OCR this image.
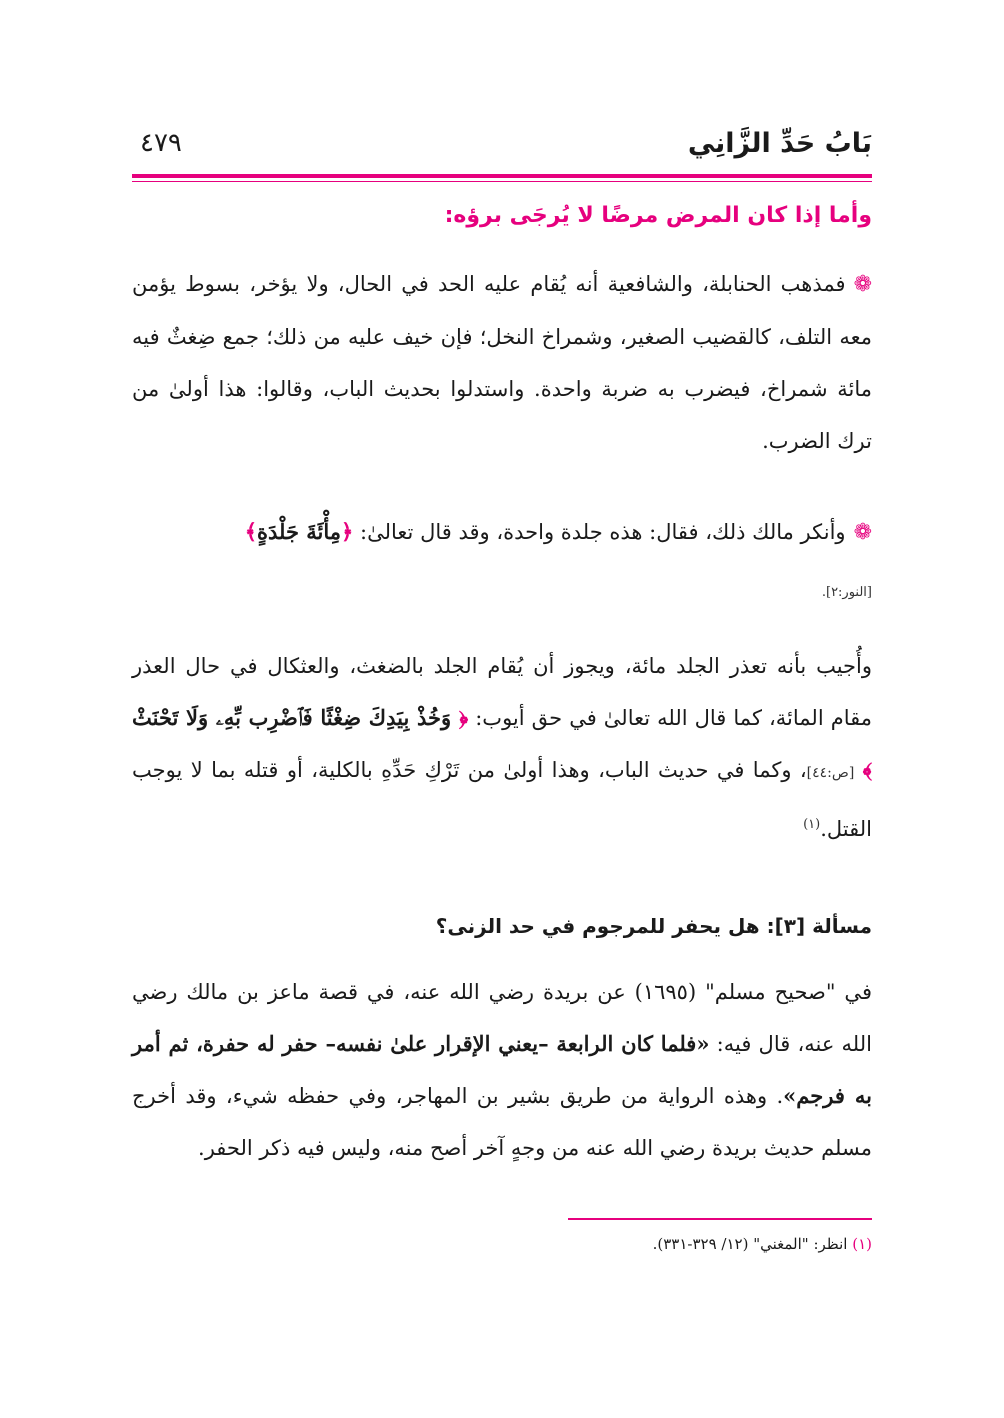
بَابُ حَدِّ الزَّانِي
٤٧٩
وأما إذا كان المرض مرضًا لا يُرجَى برؤه:

❁فمذهب الحنابلة، والشافعية أنه يُقام عليه الحد في الحال، ولا يؤخر، بسوط يؤمن معه التلف، كالقضيب الصغير، وشمراخ النخل؛ فإن خيف عليه من ذلك؛ جمع ضِغثٌ فيه مائة شمراخ، فيضرب به ضربة واحدة. واستدلوا بحديث الباب، وقالوا: هذا أولىٰ من ترك الضرب.

❁وأنكر مالك ذلك، فقال: هذه جلدة واحدة، وقد قال تعالىٰ: ﴿مِأْئَةَ جَلْدَةٍ﴾

[النور:٢].

وأُجيب بأنه تعذر الجلد مائة، ويجوز أن يُقام الجلد بالضغث، والعثكال في حال العذر مقام المائة، كما قال الله تعالىٰ في حق أيوب: ﴿ وَخُذْ بِيَدِكَ ضِغْثًا فَٱضْرِب بِّهِۦ وَلَا تَحْنَثْ ﴾ [ص:٤٤]، وكما في حديث الباب، وهذا أولىٰ من تَرْكِ حَدِّهِ بالكلية، أو قتله بما لا يوجب القتل.$^{(١)}$

مسألة [٣]: هل يحفر للمرجوم في حد الزنى؟

في "صحيح مسلم" (١٦٩٥) عن بريدة رضي الله عنه، في قصة ماعز بن مالك رضي الله عنه، قال فيه: «فلما كان الرابعة –يعني الإقرار علىٰ نفسه– حفر له حفرة، ثم أمر به فرجم». وهذه الرواية من طريق بشير بن المهاجر، وفي حفظه شيء، وقد أخرج مسلم حديث بريدة رضي الله عنه من وجهٍ آخر أصح منه، وليس فيه ذكر الحفر.

(١) انظر: "المغني" (١٢/ ٣٢٩-٣٣١).
